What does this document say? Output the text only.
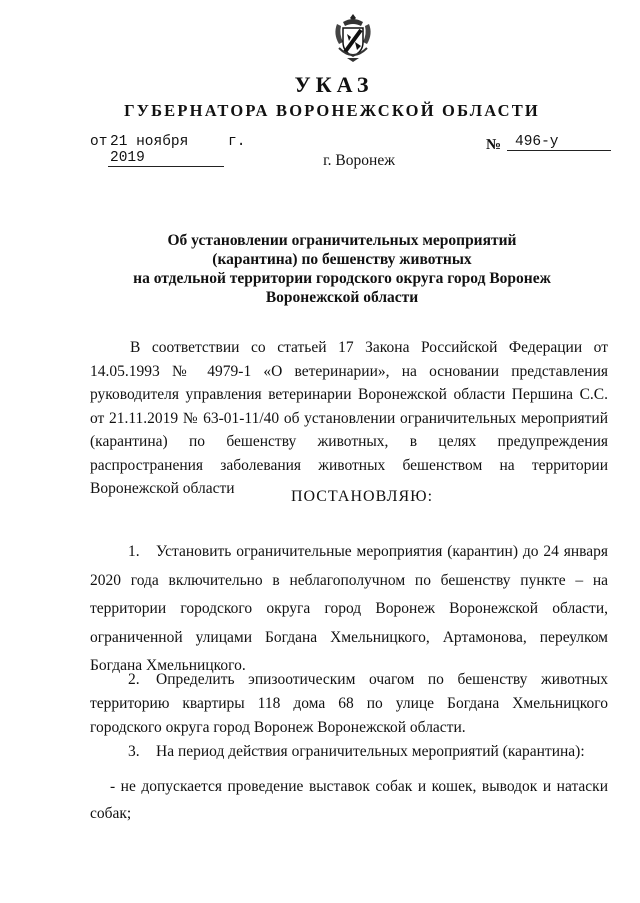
УКАЗ
ГУБЕРНАТОРА ВОРОНЕЖСКОЙ ОБЛАСТИ
от 21 ноября 2019
г.	№ 496-у
г. Воронеж
Об установлении ограничительных мероприятий
(карантина) по бешенству животных
на отдельной территории городского округа город Воронеж
Воронежской области
В соответствии со статьей 17 Закона Российской Федерации от 14.05.1993 № 4979-1 «О ветеринарии», на основании представления руководителя управления ветеринарии Воронежской области Першина С.С. от 21.11.2019 № 63-01-11/40 об установлении ограничительных мероприятий (карантина) по бешенству животных, в целях предупреждения распространения заболевания животных бешенством на территории Воронежской области	ПОСТАНОВЛЯЮ:
1. Установить ограничительные мероприятия (карантин) до 24 января 2020 года включительно в неблагополучном по бешенству пункте – на территории городского округа город Воронеж Воронежской области, ограниченной улицами Богдана Хмельницкого, Артамонова, переулком Богдана Хмельницкого.
2. Определить эпизоотическим очагом по бешенству животных территорию квартиры 118 дома 68 по улице Богдана Хмельницкого городского округа город Воронеж Воронежской области.
3. На период действия ограничительных мероприятий (карантина):
- не допускается проведение выставок собак и кошек, выводок и натаски собак;
